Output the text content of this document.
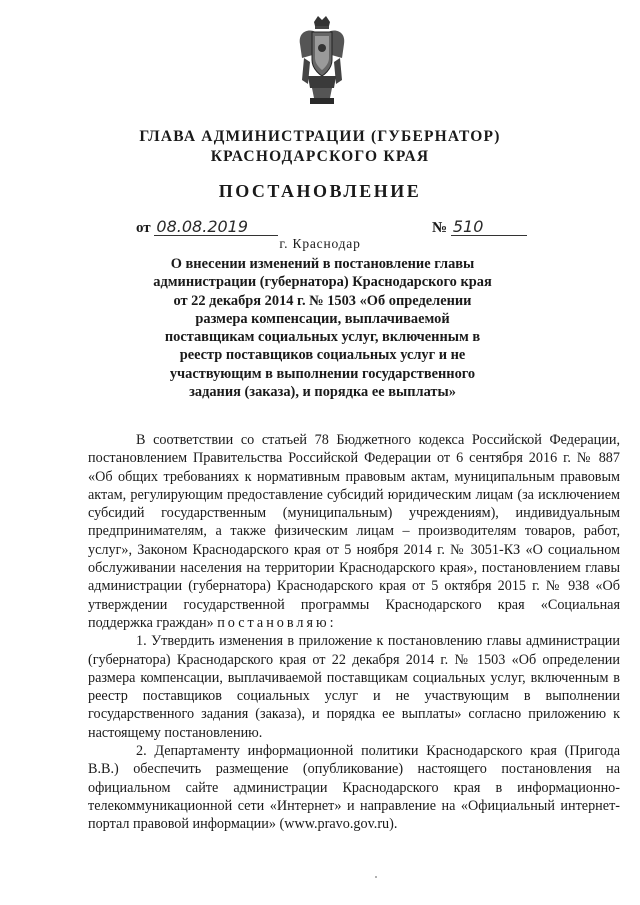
ГЛАВА АДМИНИСТРАЦИИ (ГУБЕРНАТОР)
КРАСНОДАРСКОГО КРАЯ
ПОСТАНОВЛЕНИЕ
от 08.08.2019	№ 510
г. Краснодар
О внесении изменений в постановление главы администрации (губернатора) Краснодарского края от 22 декабря 2014 г. № 1503 «Об определении размера компенсации, выплачиваемой поставщикам социальных услуг, включенным в реестр поставщиков социальных услуг и не участвующим в выполнении государственного задания (заказа), и порядка ее выплаты»

В соответствии со статьей 78 Бюджетного кодекса Российской Федерации, постановлением Правительства Российской Федерации от 6 сентября 2016 г. № 887 «Об общих требованиях к нормативным правовым актам, муниципальным правовым актам, регулирующим предоставление субсидий юридическим лицам (за исключением субсидий государственным (муниципальным) учреждениям), индивидуальным предпринимателям, а также физическим лицам – производителям товаров, работ, услуг», Законом Краснодарского края от 5 ноября 2014 г. № 3051-КЗ «О социальном обслуживании населения на территории Краснодарского края», постановлением главы администрации (губернатора) Краснодарского края от 5 октября 2015 г. № 938 «Об утверждении государственной программы Краснодарского края «Социальная поддержка граждан» постановляю:

1. Утвердить изменения в приложение к постановлению главы администрации (губернатора) Краснодарского края от 22 декабря 2014 г. № 1503 «Об определении размера компенсации, выплачиваемой поставщикам социальных услуг, включенным в реестр поставщиков социальных услуг и не участвующим в выполнении государственного задания (заказа), и порядка ее выплаты» согласно приложению к настоящему постановлению.

2. Департаменту информационной политики Краснодарского края (Пригода В.В.) обеспечить размещение (опубликование) настоящего постановления на официальном сайте администрации Краснодарского края в информационно-телекоммуникационной сети «Интернет» и направление на «Официальный интернет-портал правовой информации» (www.pravo.gov.ru).
